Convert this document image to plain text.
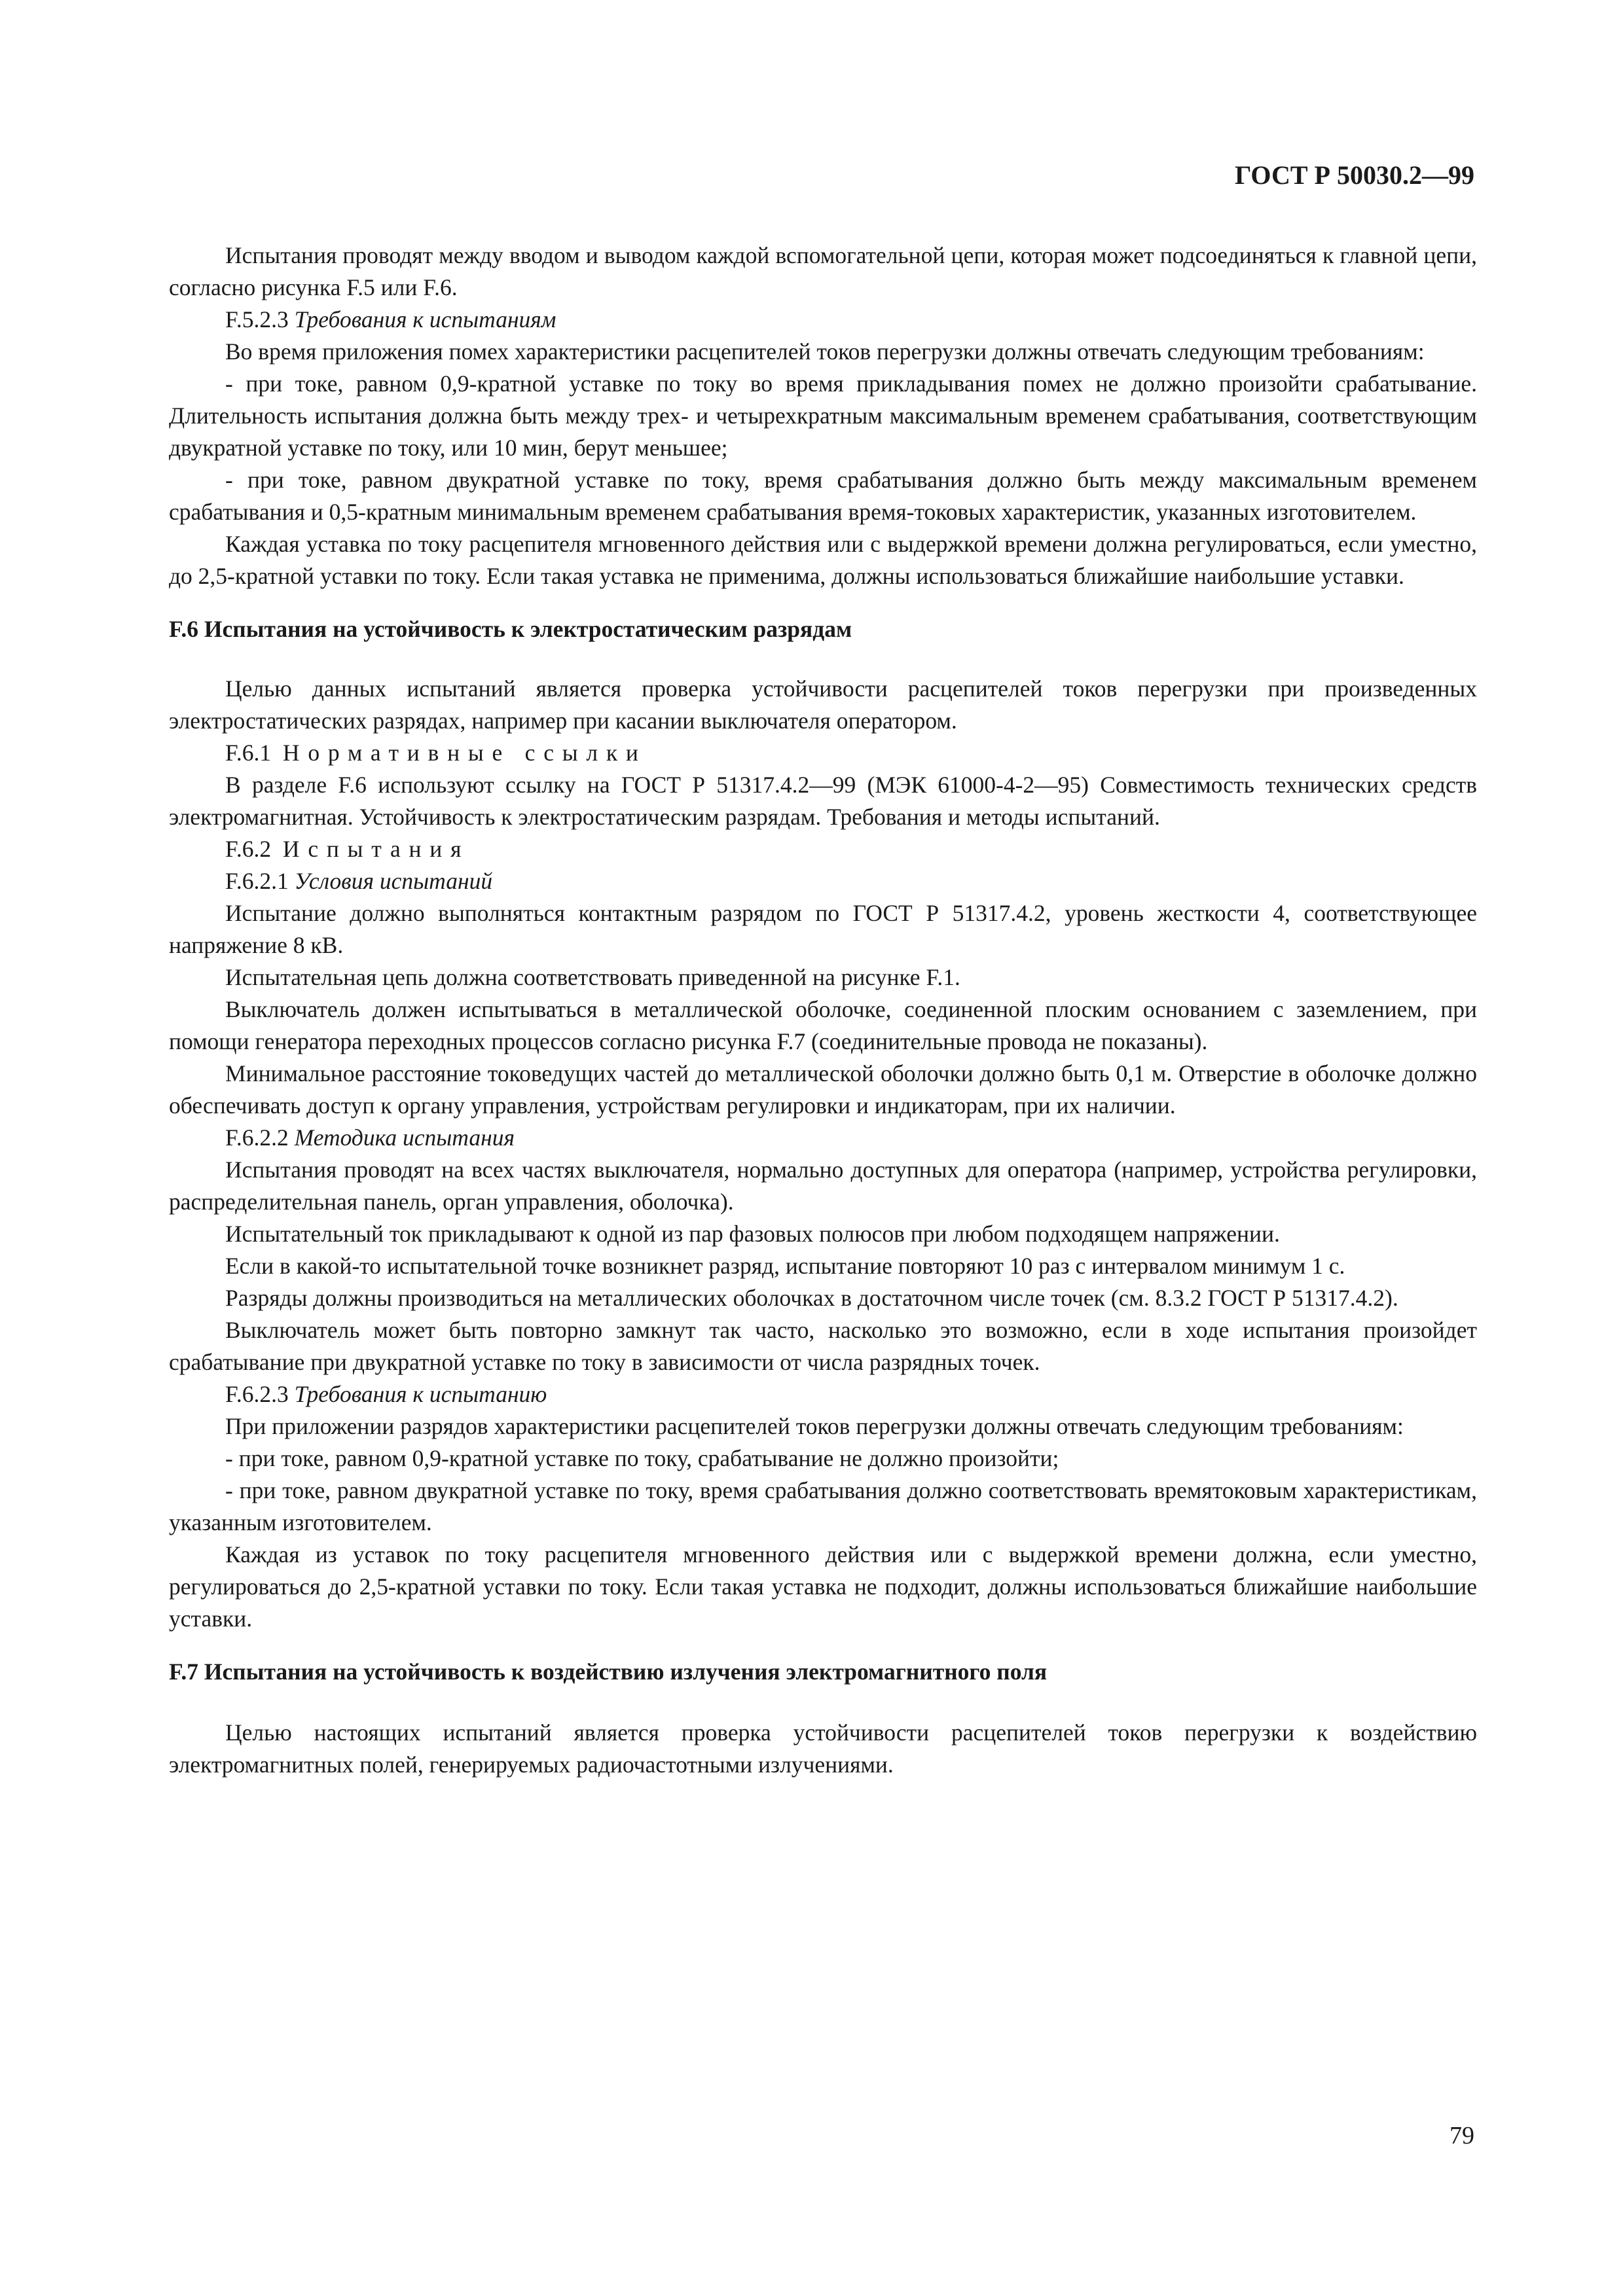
ГОСТ Р 50030.2—99

Испытания проводят между вводом и выводом каждой вспомогательной цепи, которая может подсоединяться к главной цепи, согласно рисунка F.5 или F.6.

F.5.2.3 Требования к испытаниям

Во время приложения помех характеристики расцепителей токов перегрузки должны отвечать следующим требованиям:

- при токе, равном 0,9-кратной уставке по току во время прикладывания помех не должно произойти срабатывание. Длительность испытания должна быть между трех- и четырехкратным максимальным временем срабатывания, соответствующим двукратной уставке по току, или 10 мин, берут меньшее;

- при токе, равном двукратной уставке по току, время срабатывания должно быть между максимальным временем срабатывания и 0,5-кратным минимальным временем срабатывания время-токовых характеристик, указанных изготовителем.

Каждая уставка по току расцепителя мгновенного действия или с выдержкой времени должна регулироваться, если уместно, до 2,5-кратной уставки по току. Если такая уставка не применима, должны использоваться ближайшие наибольшие уставки.

F.6 Испытания на устойчивость к электростатическим разрядам

Целью данных испытаний является проверка устойчивости расцепителей токов перегрузки при произведенных электростатических разрядах, например при касании выключателя оператором.

F.6.1 Нормативные ссылки

В разделе F.6 используют ссылку на ГОСТ Р 51317.4.2—99 (МЭК 61000-4-2—95) Совместимость технических средств электромагнитная. Устойчивость к электростатическим разрядам. Требования и методы испытаний.

F.6.2 Испытания

F.6.2.1 Условия испытаний

Испытание должно выполняться контактным разрядом по ГОСТ Р 51317.4.2, уровень жесткости 4, соответствующее напряжение 8 кВ.

Испытательная цепь должна соответствовать приведенной на рисунке F.1.

Выключатель должен испытываться в металлической оболочке, соединенной плоским основанием с заземлением, при помощи генератора переходных процессов согласно рисунка F.7 (соединительные провода не показаны).

Минимальное расстояние токоведущих частей до металлической оболочки должно быть 0,1 м. Отверстие в оболочке должно обеспечивать доступ к органу управления, устройствам регулировки и индикаторам, при их наличии.

F.6.2.2 Методика испытания

Испытания проводят на всех частях выключателя, нормально доступных для оператора (например, устройства регулировки, распределительная панель, орган управления, оболочка).

Испытательный ток прикладывают к одной из пар фазовых полюсов при любом подходящем напряжении.

Если в какой-то испытательной точке возникнет разряд, испытание повторяют 10 раз с интервалом минимум 1 с.

Разряды должны производиться на металлических оболочках в достаточном числе точек (см. 8.3.2 ГОСТ Р 51317.4.2).

Выключатель может быть повторно замкнут так часто, насколько это возможно, если в ходе испытания произойдет срабатывание при двукратной уставке по току в зависимости от числа разрядных точек.

F.6.2.3 Требования к испытанию

При приложении разрядов характеристики расцепителей токов перегрузки должны отвечать следующим требованиям:

- при токе, равном 0,9-кратной уставке по току, срабатывание не должно произойти;

- при токе, равном двукратной уставке по току, время срабатывания должно соответствовать времятоковым характеристикам, указанным изготовителем.

Каждая из уставок по току расцепителя мгновенного действия или с выдержкой времени должна, если уместно, регулироваться до 2,5-кратной уставки по току. Если такая уставка не подходит, должны использоваться ближайшие наибольшие уставки.

F.7 Испытания на устойчивость к воздействию излучения электромагнитного поля

Целью настоящих испытаний является проверка устойчивости расцепителей токов перегрузки к воздействию электромагнитных полей, генерируемых радиочастотными излучениями.

79
